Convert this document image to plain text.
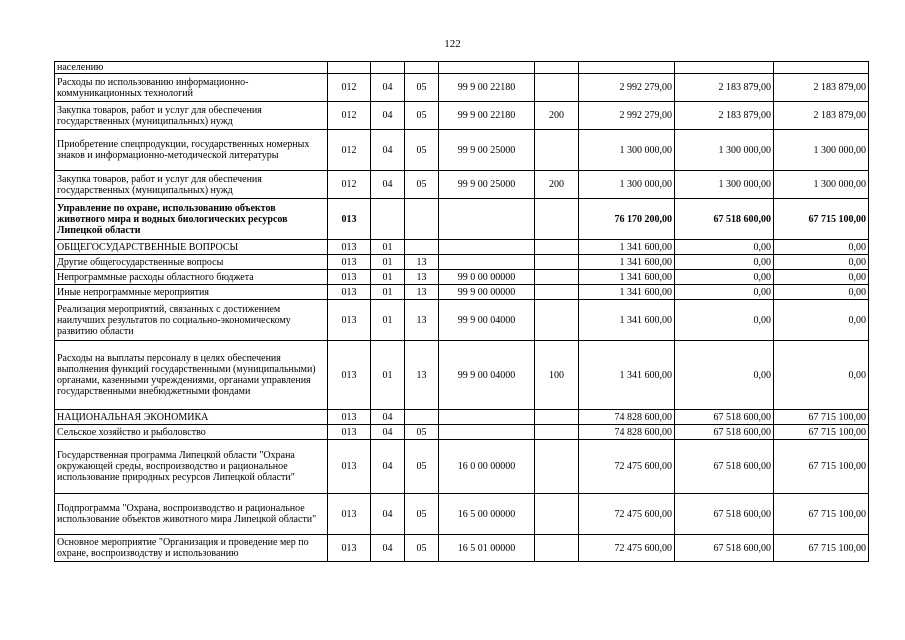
122
населению								
Расходы по использованию информационно-коммуникационных технологий	012	04	05	99 9 00 22180		2 992 279,00	2 183 879,00	2 183 879,00
Закупка товаров, работ и услуг для обеспечения государственных (муниципальных) нужд	012	04	05	99 9 00 22180	200	2 992 279,00	2 183 879,00	2 183 879,00
Приобретение спецпродукции, государственных номерных знаков и информационно-методической литературы	012	04	05	99 9 00 25000		1 300 000,00	1 300 000,00	1 300 000,00
Закупка товаров, работ и услуг для обеспечения государственных (муниципальных) нужд	012	04	05	99 9 00 25000	200	1 300 000,00	1 300 000,00	1 300 000,00
Управление по охране, использованию объектов животного мира и водных биологических ресурсов Липецкой области	013					76 170 200,00	67 518 600,00	67 715 100,00
ОБЩЕГОСУДАРСТВЕННЫЕ ВОПРОСЫ	013	01				1 341 600,00	0,00	0,00
Другие общегосударственные вопросы	013	01	13			1 341 600,00	0,00	0,00
Непрограммные расходы областного бюджета	013	01	13	99 0 00 00000		1 341 600,00	0,00	0,00
Иные непрограммные мероприятия	013	01	13	99 9 00 00000		1 341 600,00	0,00	0,00
Реализация мероприятий, связанных с достижением наилучших результатов по социально-экономическому развитию области	013	01	13	99 9 00 04000		1 341 600,00	0,00	0,00
Расходы на выплаты персоналу в целях обеспечения выполнения функций государственными (муниципальными) органами, казенными учреждениями, органами управления государственными внебюджетными фондами	013	01	13	99 9 00 04000	100	1 341 600,00	0,00	0,00
НАЦИОНАЛЬНАЯ ЭКОНОМИКА	013	04				74 828 600,00	67 518 600,00	67 715 100,00
Сельское хозяйство и рыболовство	013	04	05			74 828 600,00	67 518 600,00	67 715 100,00
Государственная программа Липецкой области "Охрана окружающей среды, воспроизводство и рациональное использование природных ресурсов Липецкой области"	013	04	05	16 0 00 00000		72 475 600,00	67 518 600,00	67 715 100,00
Подпрограмма "Охрана, воспроизводство и рациональное использование объектов животного мира Липецкой области"	013	04	05	16 5 00 00000		72 475 600,00	67 518 600,00	67 715 100,00
Основное мероприятие "Организация и проведение мер по охране, воспроизводству и использованию	013	04	05	16 5 01 00000		72 475 600,00	67 518 600,00	67 715 100,00
